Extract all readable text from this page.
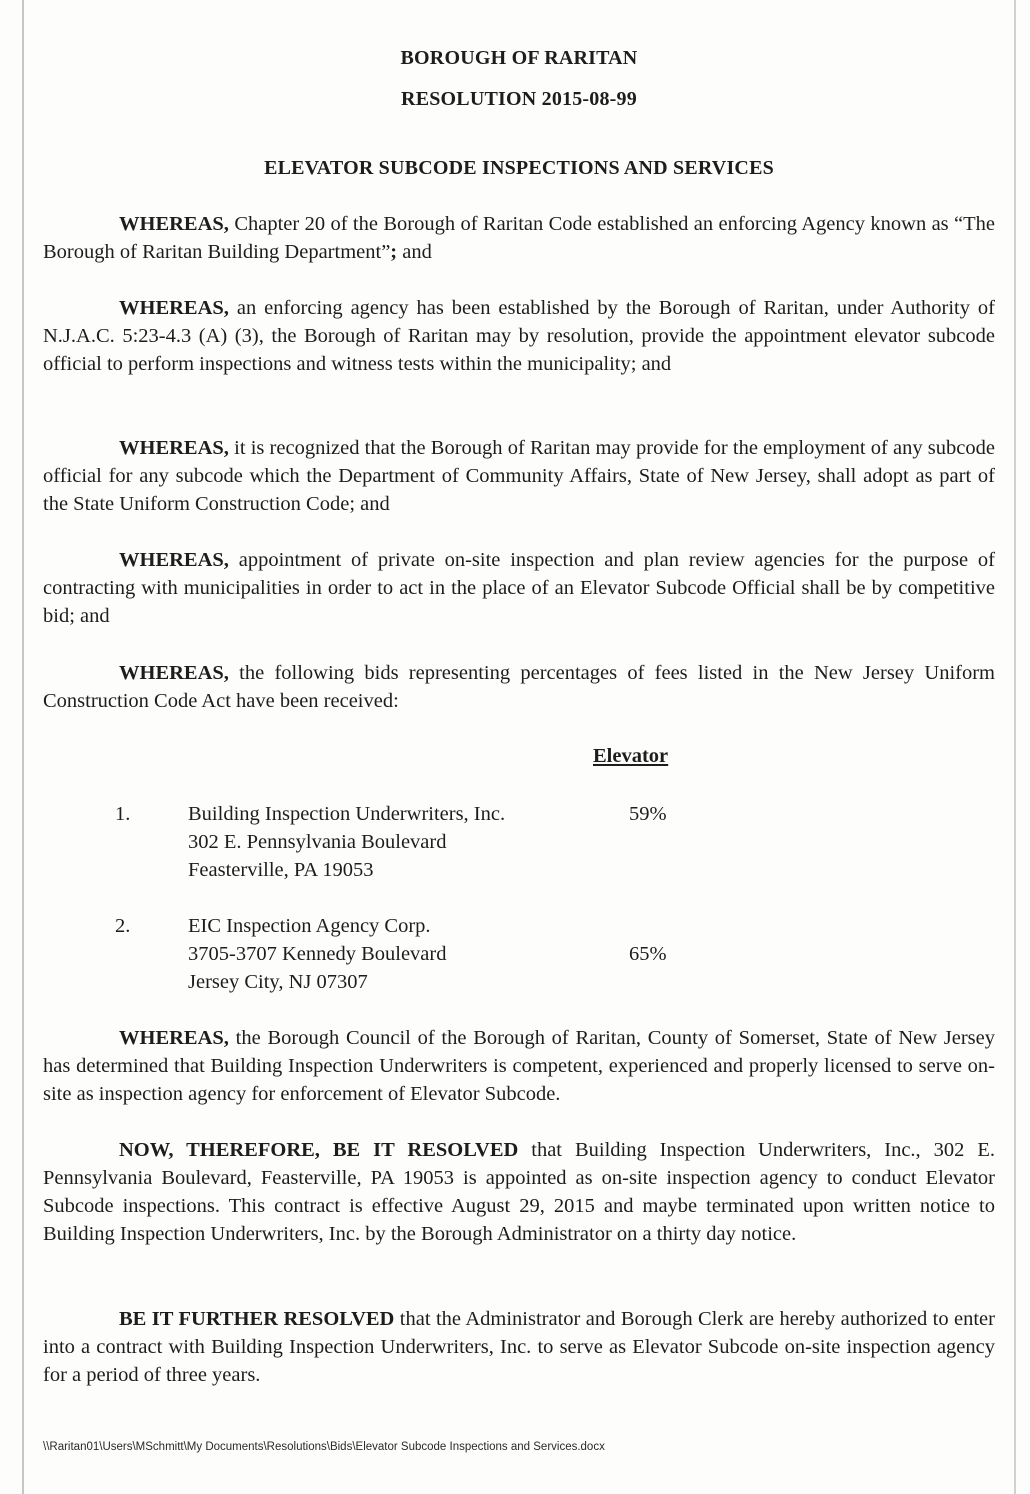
BOROUGH OF RARITAN
RESOLUTION 2015-08-99
ELEVATOR SUBCODE INSPECTIONS AND SERVICES
WHEREAS, Chapter 20 of the Borough of Raritan Code established an enforcing Agency known as “The Borough of Raritan Building Department”; and
WHEREAS, an enforcing agency has been established by the Borough of Raritan, under Authority of N.J.A.C. 5:23-4.3 (A) (3), the Borough of Raritan may by resolution, provide the appointment elevator subcode official to perform inspections and witness tests within the municipality; and
WHEREAS, it is recognized that the Borough of Raritan may provide for the employment of any subcode official for any subcode which the Department of Community Affairs, State of New Jersey, shall adopt as part of the State Uniform Construction Code; and
WHEREAS, appointment of private on-site inspection and plan review agencies for the purpose of contracting with municipalities in order to act in the place of an Elevator Subcode Official shall be by competitive bid; and
WHEREAS, the following bids representing percentages of fees listed in the New Jersey Uniform Construction Code Act have been received:
Elevator
1.	Building Inspection Underwriters, Inc.
302 E. Pennsylvania Boulevard
Feasterville, PA 19053
59%
2.	EIC Inspection Agency Corp.
3705-3707 Kennedy Boulevard
Jersey City, NJ 07307
65%
WHEREAS, the Borough Council of the Borough of Raritan, County of Somerset, State of New Jersey has determined that Building Inspection Underwriters is competent, experienced and properly licensed to serve on-site as inspection agency for enforcement of Elevator Subcode.
NOW, THEREFORE, BE IT RESOLVED that Building Inspection Underwriters, Inc., 302 E. Pennsylvania Boulevard, Feasterville, PA 19053 is appointed as on-site inspection agency to conduct Elevator Subcode inspections. This contract is effective August 29, 2015 and maybe terminated upon written notice to Building Inspection Underwriters, Inc. by the Borough Administrator on a thirty day notice.
BE IT FURTHER RESOLVED that the Administrator and Borough Clerk are hereby authorized to enter into a contract with Building Inspection Underwriters, Inc. to serve as Elevator Subcode on-site inspection agency for a period of three years.
\\Raritan01\Users\MSchmitt\My Documents\Resolutions\Bids\Elevator Subcode Inspections and Services.docx
